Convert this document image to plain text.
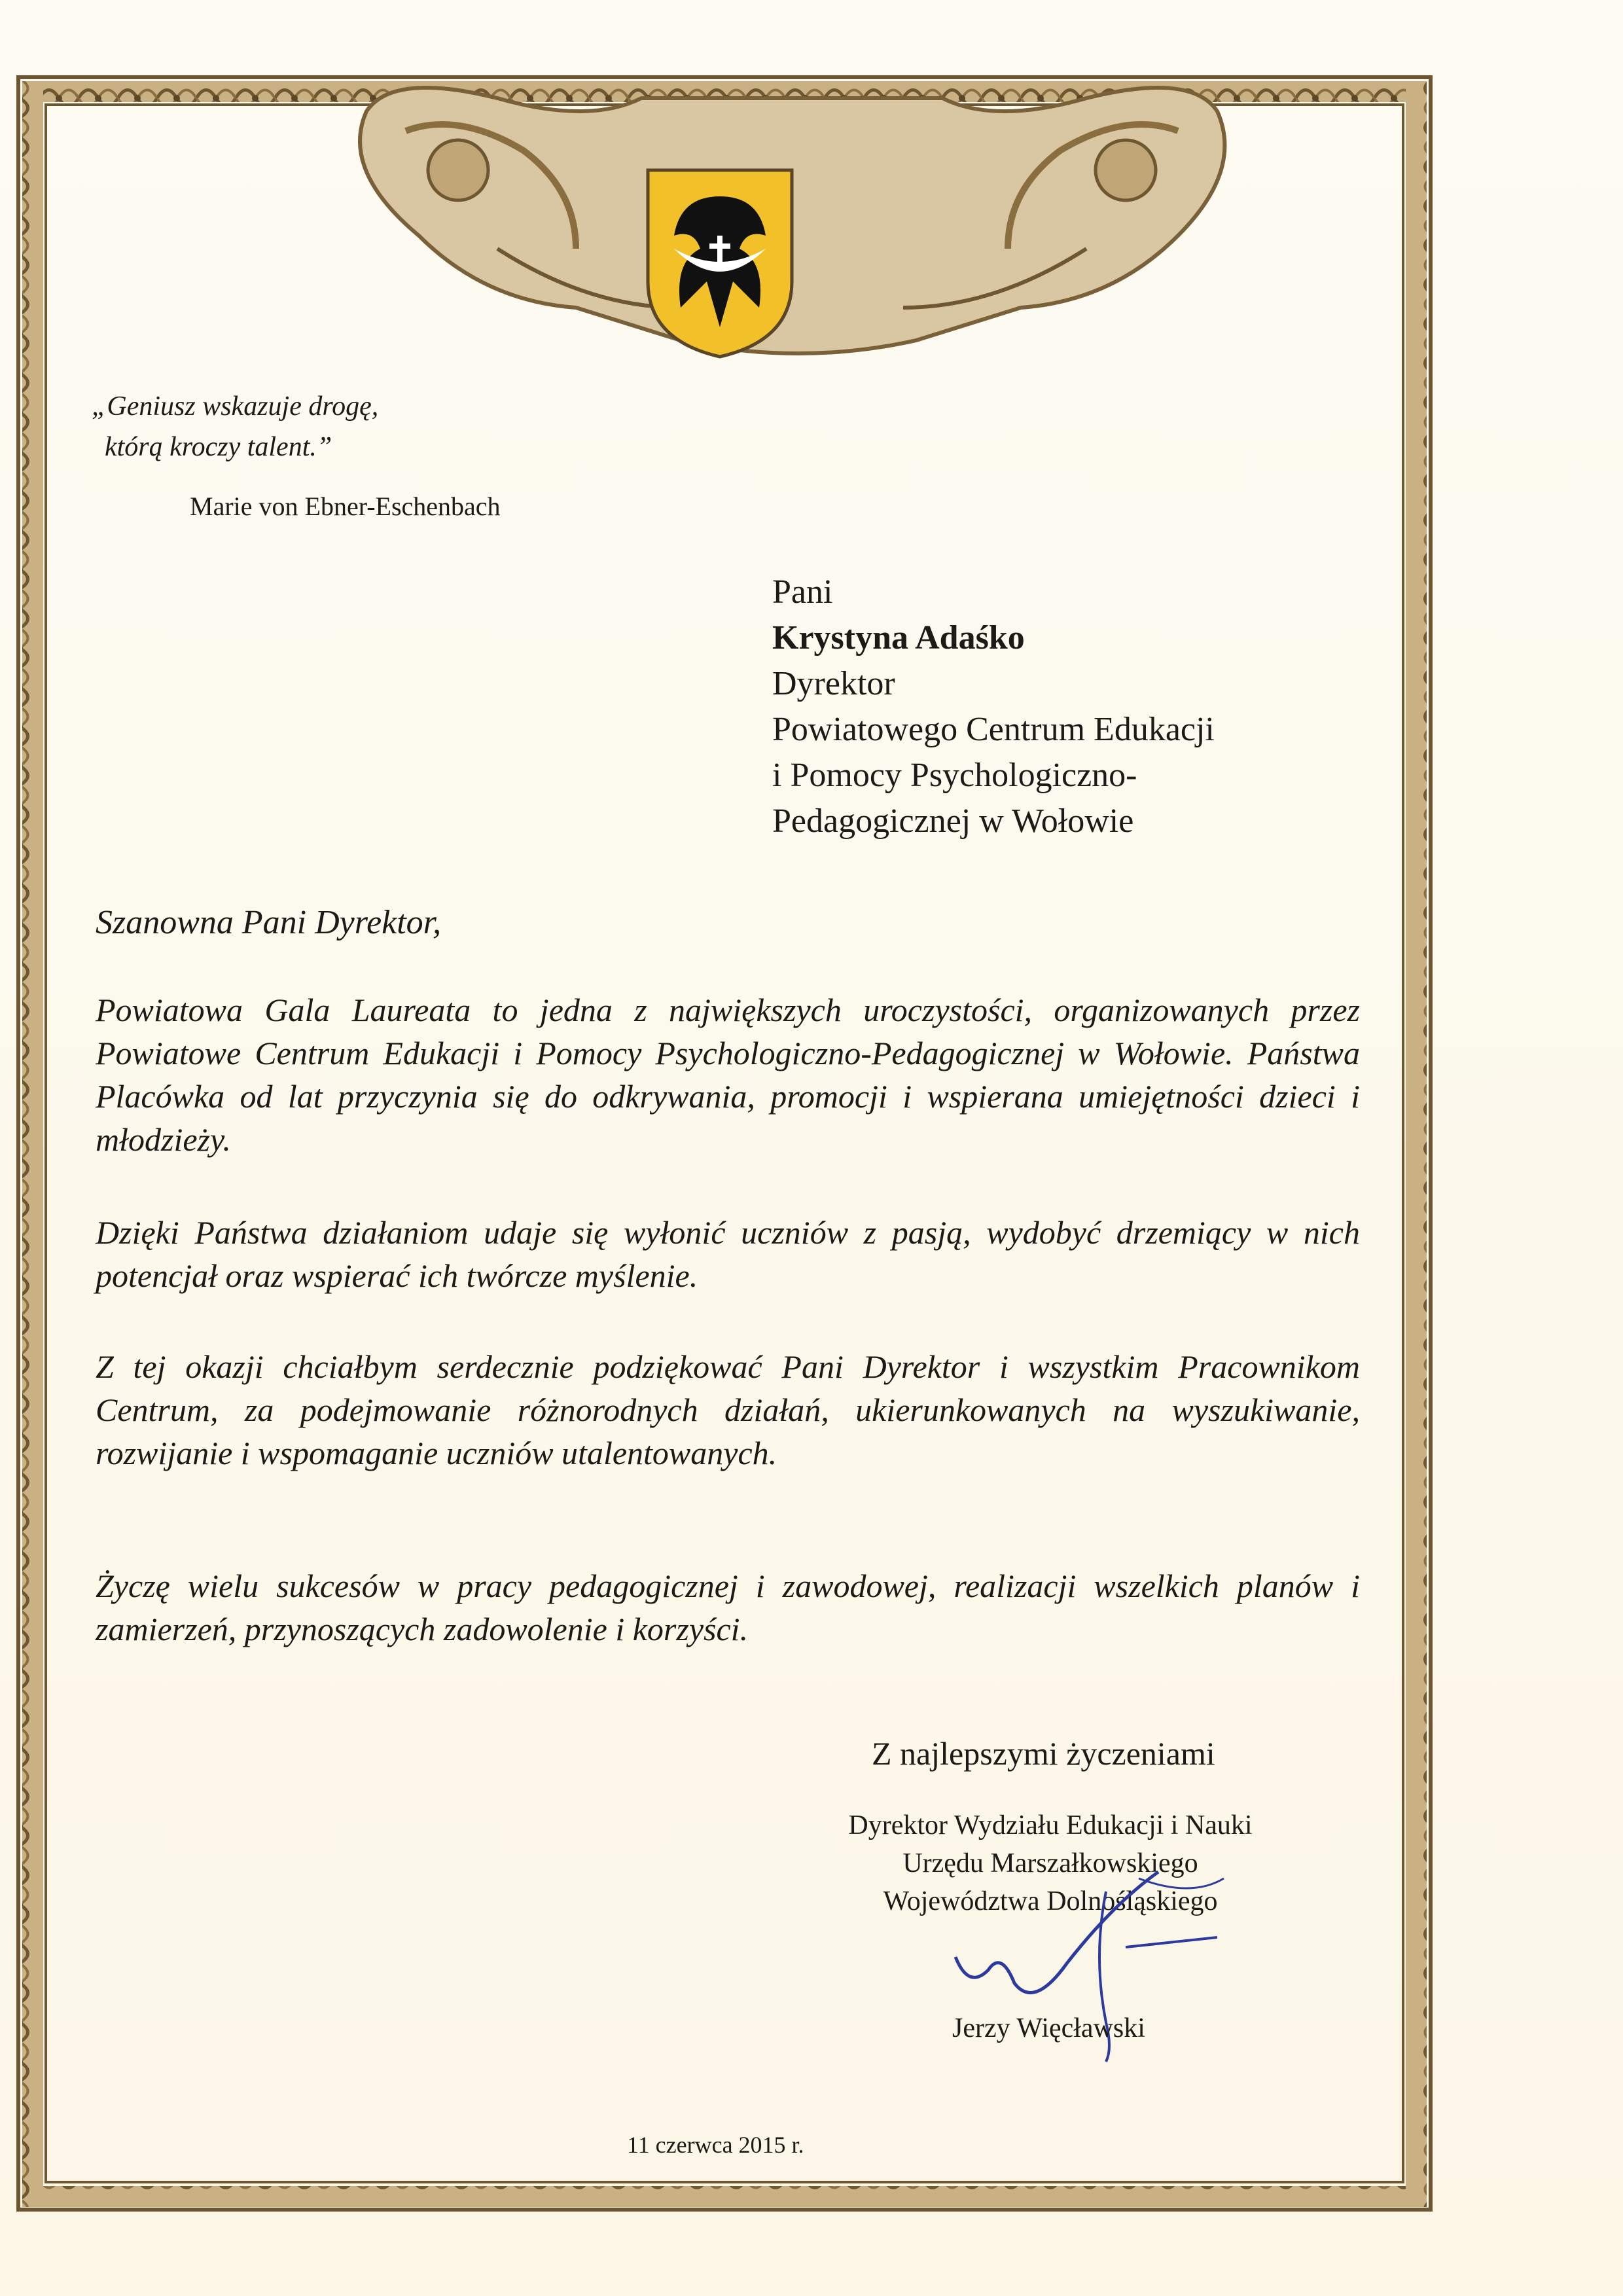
„Geniusz wskazuje drogę,
którą kroczy talent.”
Marie von Ebner-Eschenbach
Pani
Krystyna Adaśko
Dyrektor
Powiatowego Centrum Edukacji
i Pomocy Psychologiczno-
Pedagogicznej w Wołowie
Szanowna Pani Dyrektor,
Powiatowa Gala Laureata to jedna z największych uroczystości, organizowanych przez Powiatowe Centrum Edukacji i Pomocy Psychologiczno-Pedagogicznej w Wołowie. Państwa Placówka od lat przyczynia się do odkrywania, promocji i wspierana umiejętności dzieci i młodzieży.
Dzięki Państwa działaniom udaje się wyłonić uczniów z pasją, wydobyć drzemiący w nich potencjał oraz wspierać ich twórcze myślenie.
Z tej okazji chciałbym serdecznie podziękować Pani Dyrektor i wszystkim Pracownikom Centrum, za podejmowanie różnorodnych działań, ukierunkowanych na wyszukiwanie, rozwijanie i wspomaganie uczniów utalentowanych.
Życzę wielu sukcesów w pracy pedagogicznej i zawodowej, realizacji wszelkich planów i zamierzeń, przynoszących zadowolenie i korzyści.
Z najlepszymi życzeniami
Dyrektor Wydziału Edukacji i Nauki
Urzędu Marszałkowskiego
Województwa Dolnośląskiego
Jerzy Więcławski
11 czerwca 2015 r.
